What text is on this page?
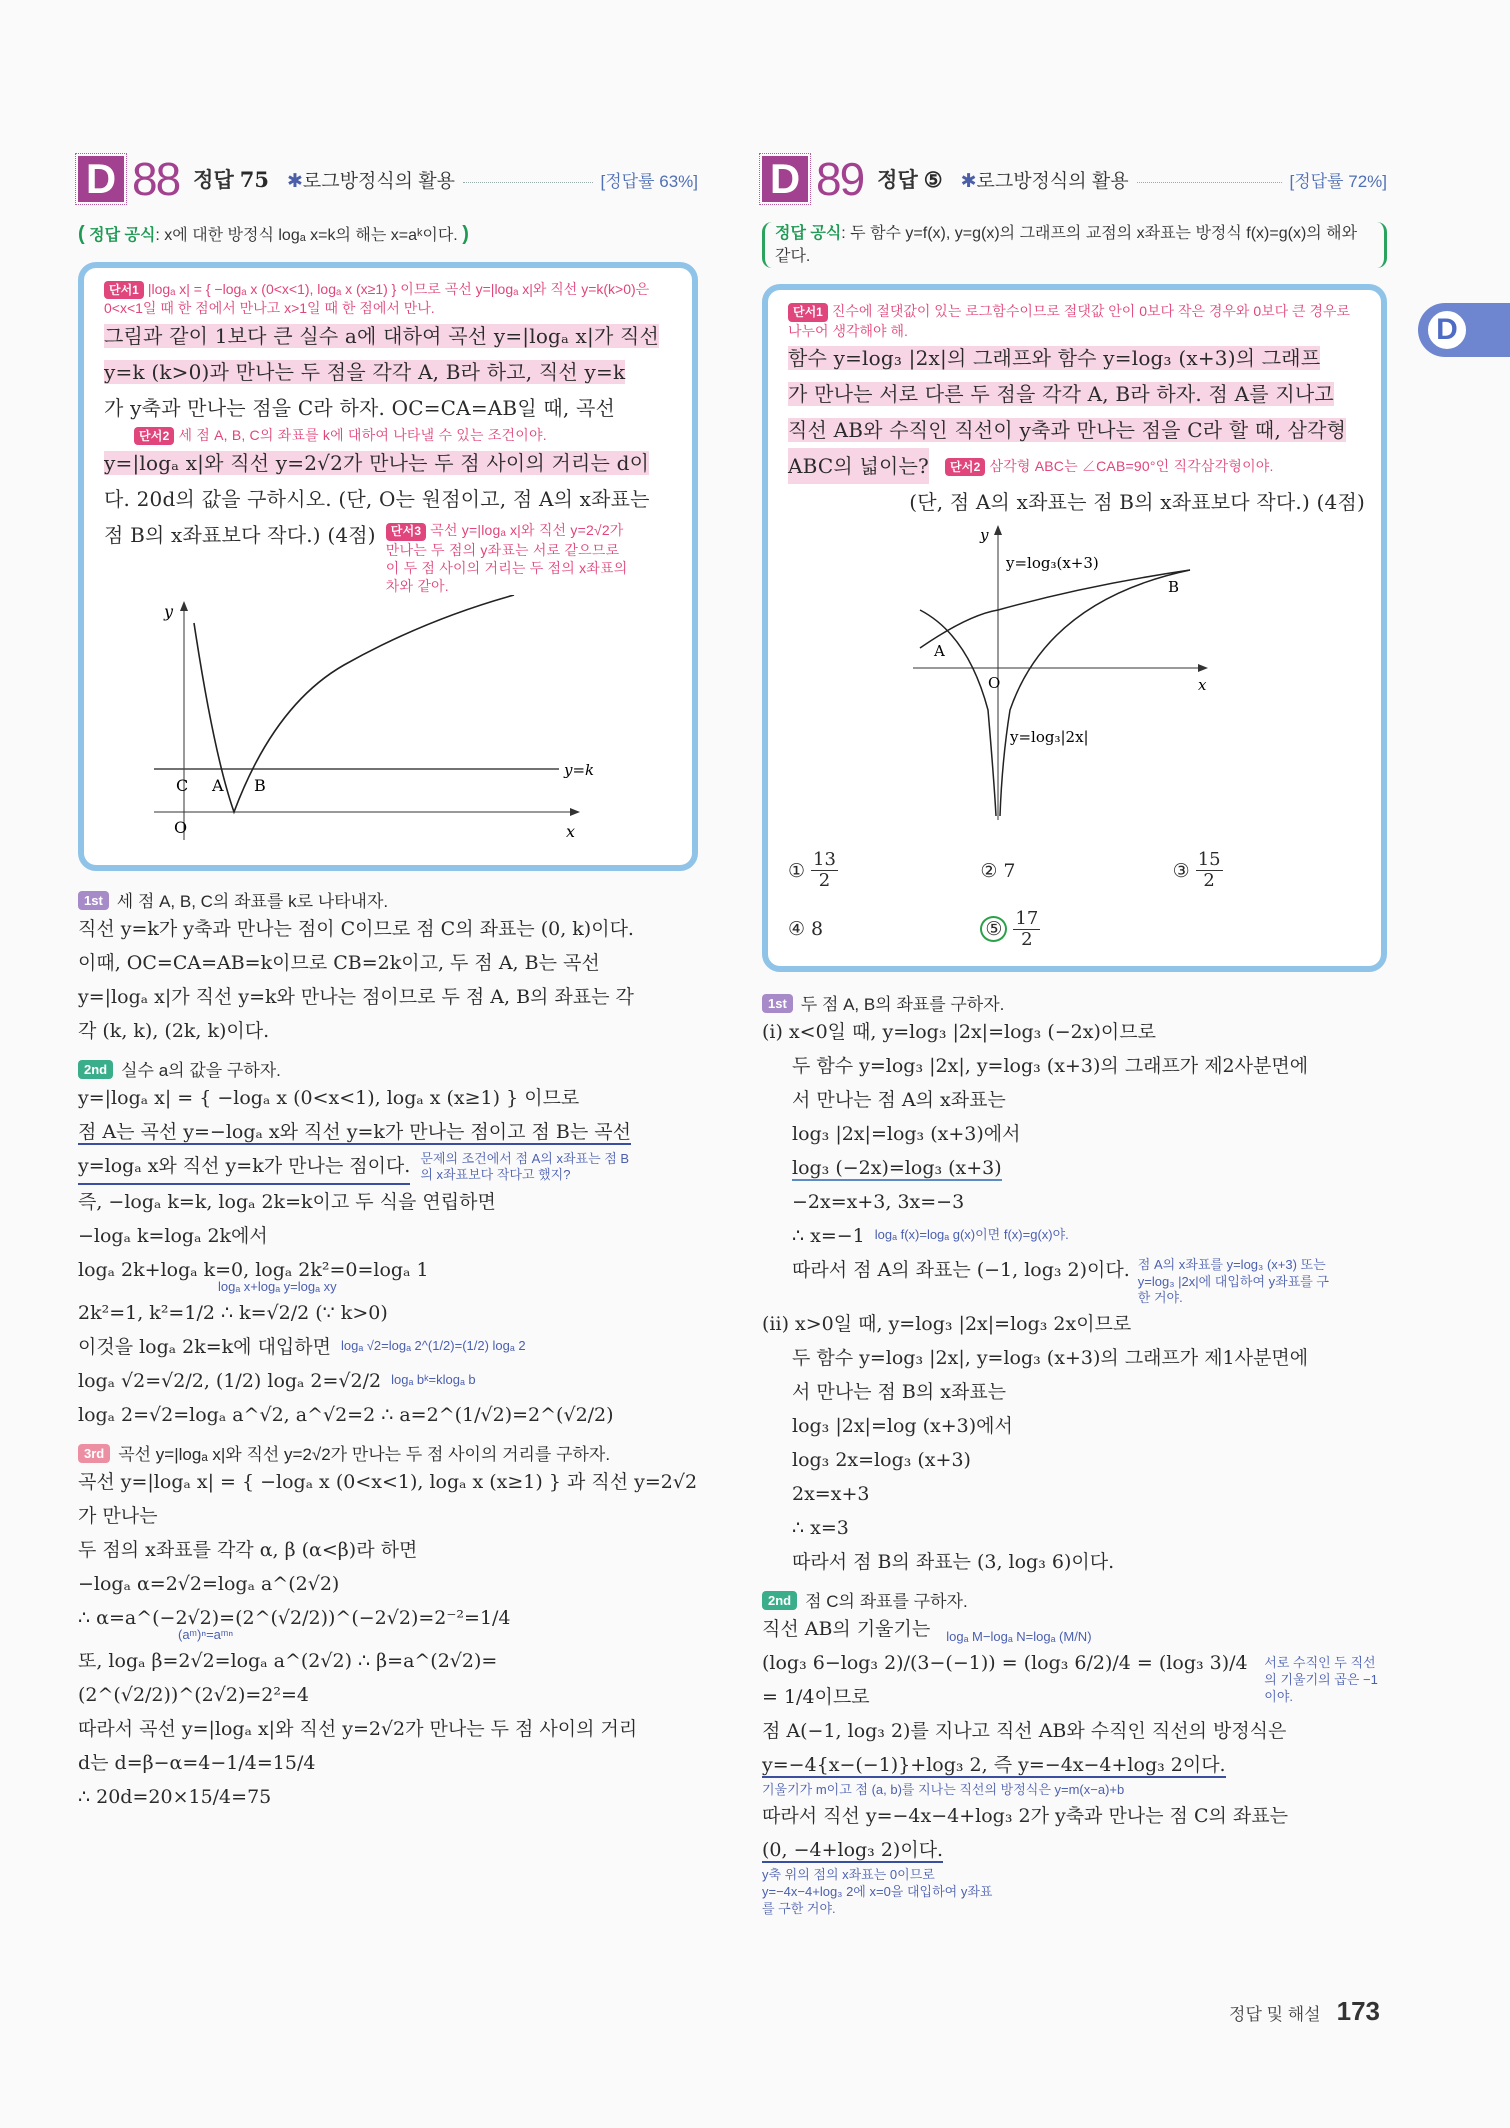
D
D 88 정답 75 ✱로그방정식의 활용	[정답률 63%]
( 정답 공식: x에 대한 방정식 logₐ x=k의 해는 x=aᵏ이다. )
단서1 |logₐ x| = { −logₐ x (0<x<1), logₐ x (x≥1) } 이므로 곡선 y=|logₐ x|와 직선 y=k(k>0)은 0<x<1일 때 한 점에서 만나고 x>1일 때 한 점에서 만나.
그림과 같이 1보다 큰 실수 a에 대하여 곡선 y=|logₐ x|가 직선
y=k (k>0)과 만나는 두 점을 각각 A, B라 하고, 직선 y=k
가 y축과 만나는 점을 C라 하자. OC=CA=AB일 때, 곡선
단서2 세 점 A, B, C의 좌표를 k에 대하여 나타낼 수 있는 조건이야.
y=|logₐ x|와 직선 y=2√2가 만나는 두 점 사이의 거리는 d이
다. 20d의 값을 구하시오. (단, O는 원점이고, 점 A의 x좌표는
점 B의 x좌표보다 작다.) (4점)	단서3 곡선 y=|logₐ x|와 직선 y=2√2가 만나는 두 점의 y좌표는 서로 같으므로 이 두 점 사이의 거리는 두 점의 x좌표의 차와 같아.
y
x
y=k
O
C A B
1st 세 점 A, B, C의 좌표를 k로 나타내자.
직선 y=k가 y축과 만나는 점이 C이므로 점 C의 좌표는 (0, k)이다.
이때, OC=CA=AB=k이므로 CB=2k이고, 두 점 A, B는 곡선
y=|logₐ x|가 직선 y=k와 만나는 점이므로 두 점 A, B의 좌표는 각
각 (k, k), (2k, k)이다.
2nd 실수 a의 값을 구하자.
y=|logₐ x| = { −logₐ x (0<x<1), logₐ x (x≥1) } 이므로
점 A는 곡선 y=−logₐ x와 직선 y=k가 만나는 점이고 점 B는 곡선
y=logₐ x와 직선 y=k가 만나는 점이다. 문제의 조건에서 점 A의 x좌표는 점 B의 x좌표보다 작다고 했지?
즉, −logₐ k=k, logₐ 2k=k이고 두 식을 연립하면
−logₐ k=logₐ 2k에서
logₐ 2k+logₐ k=0, logₐ 2k²=0=logₐ 1
logₐ x+logₐ y=logₐ xy
2k²=1, k²=1/2 ∴ k=√2/2 (∵ k>0)
이것을 logₐ 2k=k에 대입하면 logₐ √2=logₐ 2^(1/2)=(1/2) logₐ 2
logₐ √2=√2/2, (1/2) logₐ 2=√2/2 logₐ bᵏ=klogₐ b
logₐ 2=√2=logₐ a^√2, a^√2=2 ∴ a=2^(1/√2)=2^(√2/2)
3rd 곡선 y=|logₐ x|와 직선 y=2√2가 만나는 두 점 사이의 거리를 구하자.
곡선 y=|logₐ x| = { −logₐ x (0<x<1), logₐ x (x≥1) } 과 직선 y=2√2가 만나는
두 점의 x좌표를 각각 α, β (α<β)라 하면
−logₐ α=2√2=logₐ a^(2√2)
∴ α=a^(−2√2)=(2^(√2/2))^(−2√2)=2⁻²=1/4
(aᵐ)ⁿ=aᵐⁿ
또, logₐ β=2√2=logₐ a^(2√2) ∴ β=a^(2√2)=(2^(√2/2))^(2√2)=2²=4
따라서 곡선 y=|logₐ x|와 직선 y=2√2가 만나는 두 점 사이의 거리
d는 d=β−α=4−1/4=15/4
∴ 20d=20×15/4=75
D 89 정답 ⑤ ✱로그방정식의 활용	[정답률 72%]
정답 공식: 두 함수 y=f(x), y=g(x)의 그래프의 교점의 x좌표는 방정식 f(x)=g(x)의 해와 같다.
단서1 진수에 절댓값이 있는 로그함수이므로 절댓값 안이 0보다 작은 경우와 0보다 큰 경우로 나누어 생각해야 해.
함수 y=log₃ |2x|의 그래프와 함수 y=log₃ (x+3)의 그래프
가 만나는 서로 다른 두 점을 각각 A, B라 하자. 점 A를 지나고
직선 AB와 수직인 직선이 y축과 만나는 점을 C라 할 때, 삼각형
ABC의 넓이는?	단서2 삼각형 ABC는 ∠CAB=90°인 직각삼각형이야.
(단, 점 A의 x좌표는 점 B의 x좌표보다 작다.) (4점)
y
x
y=log₃(x+3)
y=log₃|2x|
O
A
B
① $\frac{13}{2}$	② 7	③ $\frac{15}{2}$
④ 8	⑤ $\frac{17}{2}$
1st 두 점 A, B의 좌표를 구하자.
(i) x<0일 때, y=log₃ |2x|=log₃ (−2x)이므로
두 함수 y=log₃ |2x|, y=log₃ (x+3)의 그래프가 제2사분면에
서 만나는 점 A의 x좌표는
log₃ |2x|=log₃ (x+3)에서
log₃ (−2x)=log₃ (x+3)
−2x=x+3, 3x=−3
∴ x=−1 logₐ f(x)=logₐ g(x)이면 f(x)=g(x)야.
따라서 점 A의 좌표는 (−1, log₃ 2)이다. 점 A의 x좌표를 y=log₃ (x+3) 또는 y=log₃ |2x|에 대입하여 y좌표를 구한 거야.
(ii) x>0일 때, y=log₃ |2x|=log₃ 2x이므로
두 함수 y=log₃ |2x|, y=log₃ (x+3)의 그래프가 제1사분면에
서 만나는 점 B의 x좌표는
log₃ |2x|=log (x+3)에서
log₃ 2x=log₃ (x+3)
2x=x+3
∴ x=3
따라서 점 B의 좌표는 (3, log₃ 6)이다.
2nd 점 C의 좌표를 구하자.
직선 AB의 기울기는 logₐ M−logₐ N=logₐ (M/N)
(log₃ 6−log₃ 2)/(3−(−1)) = (log₃ 6/2)/4 = (log₃ 3)/4 = 1/4이므로
서로 수직인 두 직선의 기울기의 곱은 −1이야.
점 A(−1, log₃ 2)를 지나고 직선 AB와 수직인 직선의 방정식은
y=−4{x−(−1)}+log₃ 2, 즉 y=−4x−4+log₃ 2이다.
기울기가 m이고 점 (a, b)를 지나는 직선의 방정식은 y=m(x−a)+b
따라서 직선 y=−4x−4+log₃ 2가 y축과 만나는 점 C의 좌표는
(0, −4+log₃ 2)이다.
y축 위의 점의 x좌표는 0이므로 y=−4x−4+log₃ 2에 x=0을 대입하여 y좌표를 구한 거야.
정답 및 해설 173
